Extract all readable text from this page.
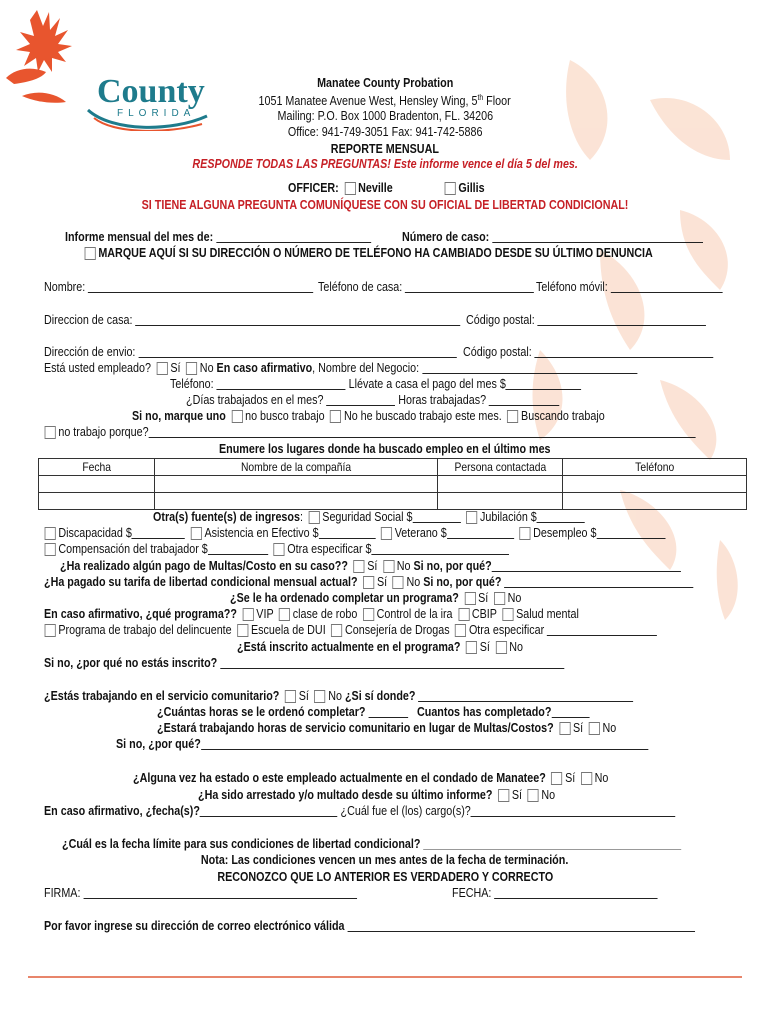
County
FLORIDA
Manatee County Probation
1051 Manatee Avenue West, Hensley Wing, 5th Floor
Mailing: P.O. Box 1000 Bradenton, FL. 34206
Office: 941-749-3051 Fax: 941-742-5886
REPORTE MENSUAL
RESPONDE TODAS LAS PREGUNTAS! Este informe vence el día 5 del mes.
OFFICER: Neville	Gillis
SI TIENE ALGUNA PREGUNTA COMUNÍQUESE CON SU OFICIAL DE LIBERTAD CONDICIONAL!
Informe mensual del mes de:	Número de caso:
MARQUE AQUÍ SI SU DIRECCIÓN O NÚMERO DE TELÉFONO HA CAMBIADO DESDE SU ÚLTIMO DENUNCIA
Nombre:	Teléfono de casa:	Teléfono móvil:
Direccion de casa:	Código postal:
Dirección de envio:	Código postal:
Está usted empleado? Sí No En caso afirmativo, Nombre del Negocio:
Teléfono:	Llévate a casa el pago del mes $
¿Días trabajados en el mes?	Horas trabajadas?
Si no, marque uno no busco trabajo No he buscado trabajo este mes. Buscando trabajo
no trabajo porque?
Enumere los lugares donde ha buscado empleo en el último mes
Fecha	Nombre de la compañía	Persona contactada	Teléfono

Otra(s) fuente(s) de ingresos: Seguridad Social $	Jubilación $
Discapacidad $	Asistencia en Efectivo $	Veterano $	Desempleo $
Compensación del trabajador $	Otra especificar $
¿Ha realizado algún pago de Multas/Costo en su caso?? Sí No Si no, por qué?
¿Ha pagado su tarifa de libertad condicional mensual actual? Sí No Si no, por qué?
¿Se le ha ordenado completar un programa? Sí No
En caso afirmativo, ¿qué programa?? VIP clase de robo Control de la ira CBIP Salud mental
Programa de trabajo del delincuente Escuela de DUI Consejería de Drogas Otra especificar
¿Está inscrito actualmente en el programa? Sí No
Si no, ¿por qué no estás inscrito?
¿Estás trabajando en el servicio comunitario? Sí No ¿Si sí donde?
¿Cuántas horas se le ordenó completar?	Cuantos has completado?
¿Estará trabajando horas de servicio comunitario en lugar de Multas/Costos? Sí No
Si no, ¿por qué?
¿Alguna vez ha estado o este empleado actualmente en el condado de Manatee? Sí No
¿Ha sido arrestado y/o multado desde su último informe? Sí No
En caso afirmativo, ¿fecha(s)?	¿Cuál fue el (los) cargo(s)?
¿Cuál es la fecha límite para sus condiciones de libertad condicional?
Nota: Las condiciones vencen un mes antes de la fecha de terminación.
RECONOZCO QUE LO ANTERIOR ES VERDADERO Y CORRECTO
FIRMA:	FECHA:
Por favor ingrese su dirección de correo electrónico válida
